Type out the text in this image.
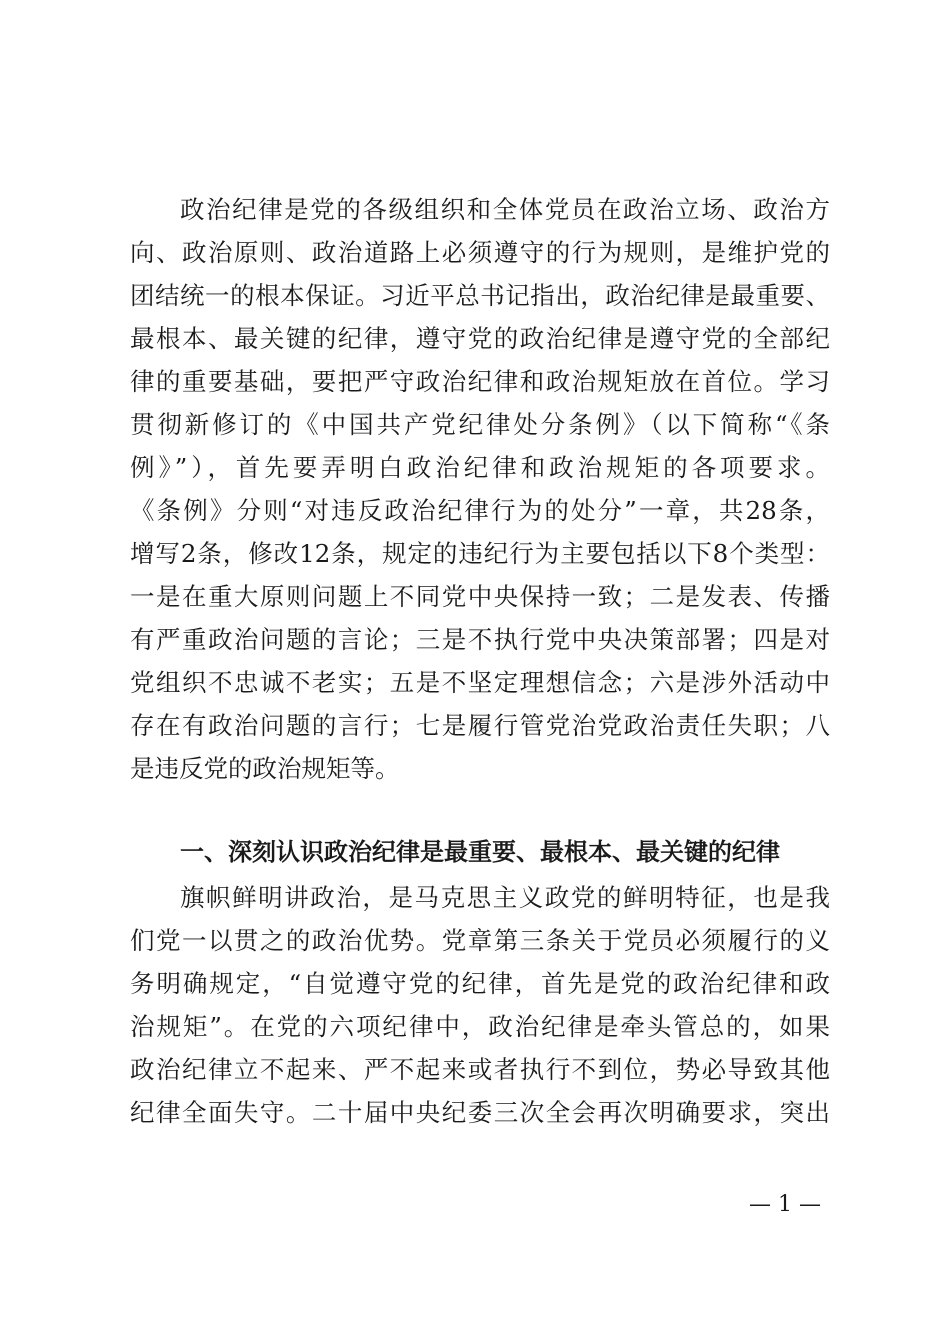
政治纪律是党的各级组织和全体党员在政治立场、政治方
向、政治原则、政治道路上必须遵守的行为规则，是维护党的
团结统一的根本保证。习近平总书记指出，政治纪律是最重要、
最根本、最关键的纪律，遵守党的政治纪律是遵守党的全部纪
律的重要基础，要把严守政治纪律和政治规矩放在首位。学习
贯彻新修订的《中国共产党纪律处分条例》（以下简称“《条
例》”），首先要弄明白政治纪律和政治规矩的各项要求。
《条例》分则“对违反政治纪律行为的处分”一章，共28条，
增写2条，修改12条，规定的违纪行为主要包括以下8个类型：
一是在重大原则问题上不同党中央保持一致；二是发表、传播
有严重政治问题的言论；三是不执行党中央决策部署；四是对
党组织不忠诚不老实；五是不坚定理想信念；六是涉外活动中
存在有政治问题的言行；七是履行管党治党政治责任失职；八
是违反党的政治规矩等。
一、深刻认识政治纪律是最重要、最根本、最关键的纪律
旗帜鲜明讲政治，是马克思主义政党的鲜明特征，也是我
们党一以贯之的政治优势。党章第三条关于党员必须履行的义
务明确规定，“自觉遵守党的纪律，首先是党的政治纪律和政
治规矩”。在党的六项纪律中，政治纪律是牵头管总的，如果
政治纪律立不起来、严不起来或者执行不到位，势必导致其他
纪律全面失守。二十届中央纪委三次全会再次明确要求，突出
— 1 —
